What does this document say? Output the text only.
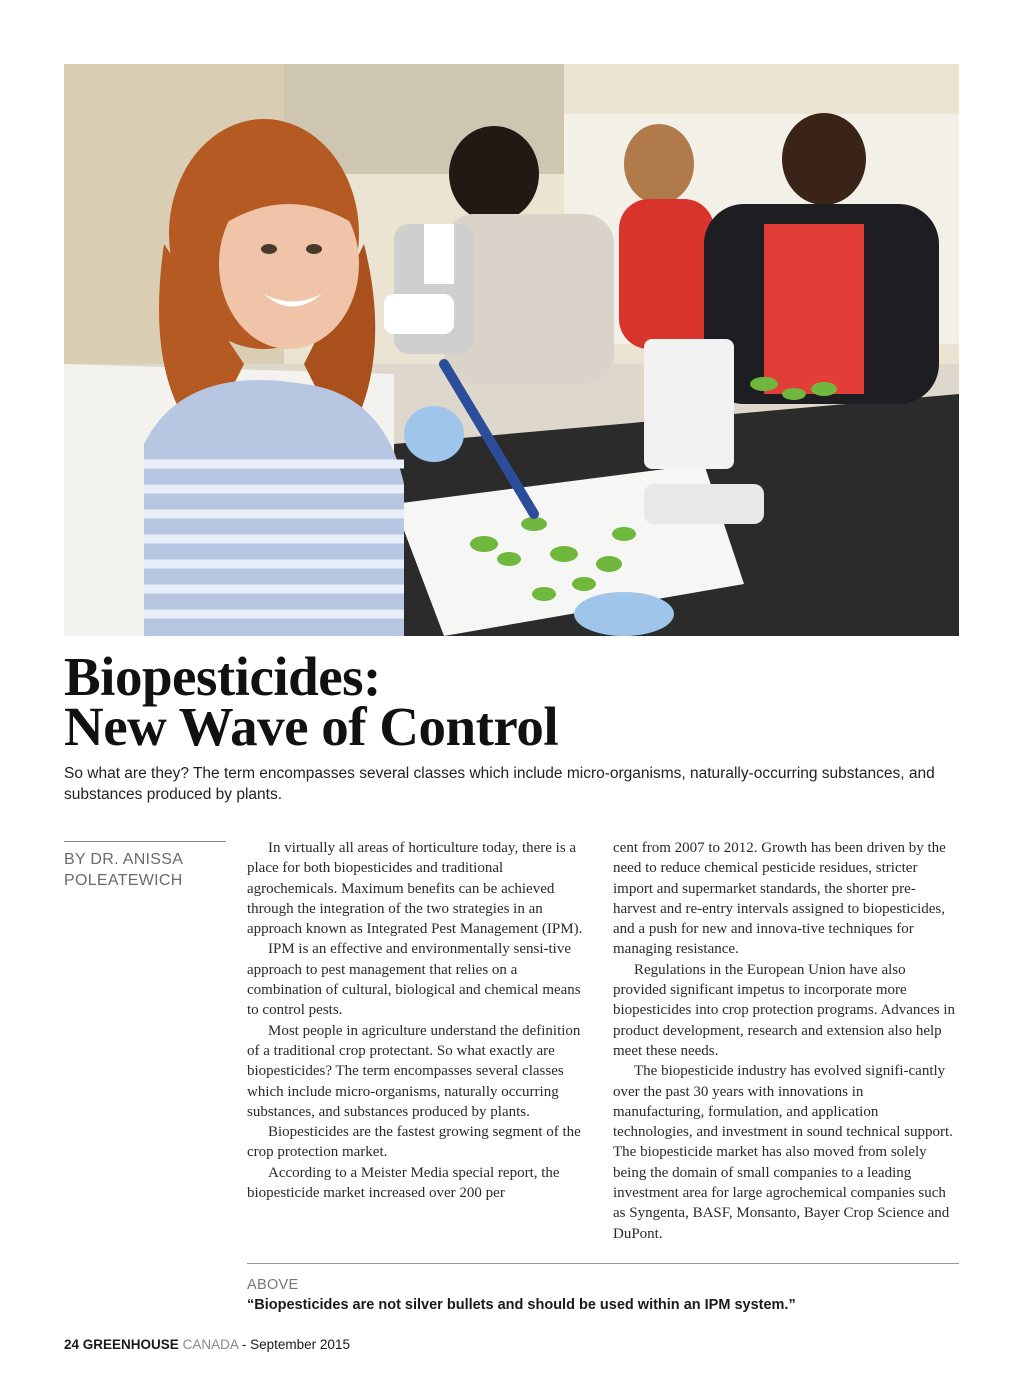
Biopesticides:
New Wave of Control

So what are they? The term encompasses several classes which include micro-organisms, naturally-occurring substances, and substances produced by plants.

BY DR. ANISSA
POLEATEWICH

In virtually all areas of horticulture today, there is a place for both biopesticides and traditional agrochemicals. Maximum benefits can be achieved through the integration of the two strategies in an approach known as Integrated Pest Management (IPM).

IPM is an effective and environmentally sensi-tive approach to pest management that relies on a combination of cultural, biological and chemical means to control pests.

Most people in agriculture understand the definition of a traditional crop protectant. So what exactly are biopesticides? The term encompasses several classes which include micro-organisms, naturally occurring substances, and substances produced by plants.

Biopesticides are the fastest growing segment of the crop protection market.

According to a Meister Media special report, the biopesticide market increased over 200 per

cent from 2007 to 2012. Growth has been driven by the need to reduce chemical pesticide residues, stricter import and supermarket standards, the shorter pre-harvest and re-entry intervals assigned to biopesticides, and a push for new and innova-tive techniques for managing resistance.

Regulations in the European Union have also provided significant impetus to incorporate more biopesticides into crop protection programs. Advances in product development, research and extension also help meet these needs.

The biopesticide industry has evolved signifi-cantly over the past 30 years with innovations in manufacturing, formulation, and application technologies, and investment in sound technical support. The biopesticide market has also moved from solely being the domain of small companies to a leading investment area for large agrochemical companies such as Syngenta, BASF, Monsanto, Bayer Crop Science and DuPont.

ABOVE
“Biopesticides are not silver bullets and should be used within an IPM system.”
24 GREENHOUSE CANADA - September 2015
